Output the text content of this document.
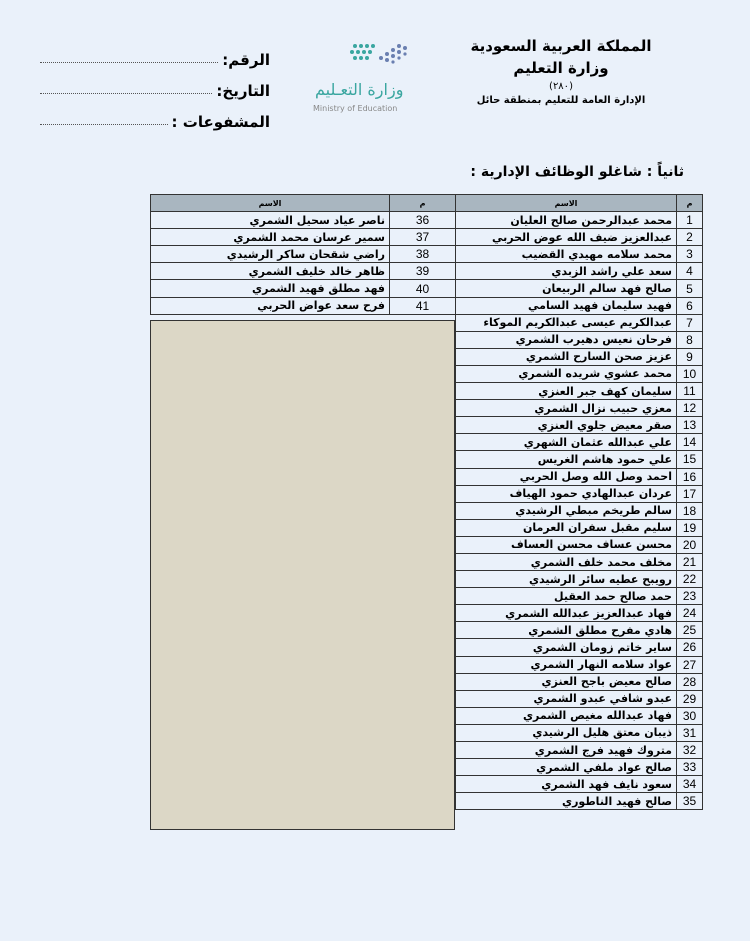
المملكة العربية السعودية
وزارة التعليم
(٢٨٠)
الإدارة العامة للتعليم بمنطقة حائل
وزارة التعـليم
Ministry of Education
الرقم:
التاريخ:
المشفوعات :
ثانياً : شاغلو الوظائف الإدارية :
م	الاسم
1	محمد عبدالرحمن صالح العليان
2	عبدالعزيز ضيف الله عوض الحربي
3	محمد سلامه مهيدي القضيب
4	سعد علي راشد الزبدي
5	صالح فهد سالم الربيعان
6	فهيد سليمان فهيد السامي
7	عبدالكريم عيسى عبدالكريم الموكاء
8	فرحان نعيس دهيرب الشمري
9	عزيز صحن السارح الشمري
10	محمد عشوي شريده الشمري
11	سليمان كهف جبر العنزي
12	معزي حبيب نزال الشمري
13	صقر معيض جلوي العنزي
14	علي عبدالله عثمان الشهري
15	علي حمود هاشم الغريس
16	احمد وصل الله وصل الحربي
17	عردان عبدالهادي حمود الهياف
18	سالم طريخم مبطي الرشيدي
19	سليم مقبل سفران العرمان
20	محسن عساف محسن العساف
21	مخلف محمد خلف الشمري
22	رويبح عطيه سائر الرشيدي
23	حمد صالح حمد العقيل
24	فهاد عبدالعزيز عبدالله الشمري
25	هادي مفرح مطلق الشمري
26	ساير خاتم زومان الشمري
27	عواد سلامه النهار الشمري
28	صالح معيض باجح العنزي
29	عبدو شافي عبدو الشمري
30	فهاد عبدالله مغيص الشمري
31	ذيبان معتق هليل الرشيدي
32	متروك فهيد فرج الشمري
33	صالح عواد ملفي الشمري
34	سعود نايف فهد الشمري
35	صالح فهيد الناطوري
م	الاسم
36	ناصر عياد سحيل الشمري
37	سمير عرسان محمد الشمري
38	راضي شقحان ساكر الرشيدي
39	ظاهر خالد خليف الشمري
40	فهد مطلق فهيد الشمري
41	فرح سعد عواض الحربي
